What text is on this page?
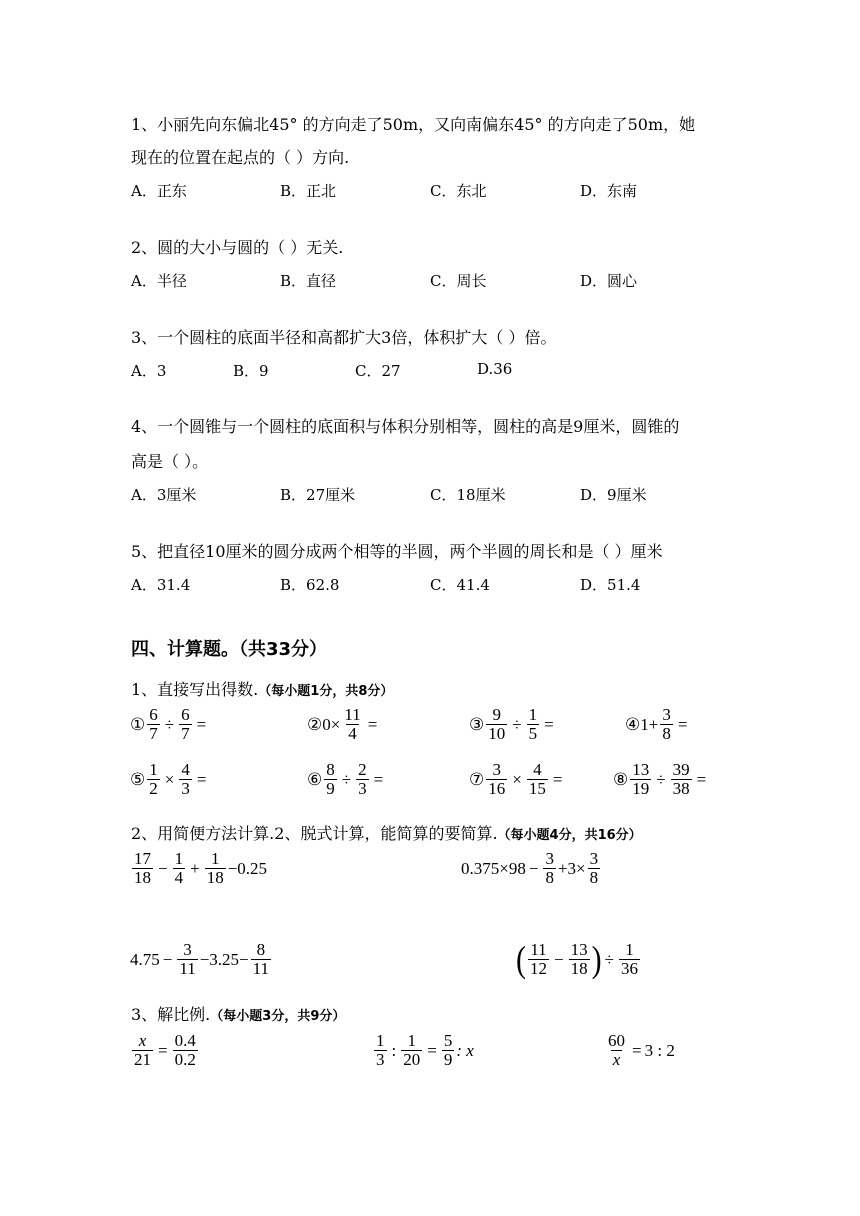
1、小丽先向东偏北45° 的方向走了50m，又向南偏东45° 的方向走了50m，她
现在的位置在起点的（ ）方向.
A．正东	B．正北	C．东北	D．东南
2、圆的大小与圆的（ ）无关.
A．半径	B．直径	C．周长	D．圆心
3、一个圆柱的底面半径和高都扩大3倍，体积扩大（ ）倍。
A．3	B．9	C．27	D.36
4、一个圆锥与一个圆柱的底面积与体积分别相等，圆柱的高是9厘米，圆锥的
高是（ ）。
A．3厘米	B．27厘米	C．18厘米	D．9厘米
5、把直径10厘米的圆分成两个相等的半圆，两个半圆的周长和是（ ）厘米
A．31.4	B．62.8	C．41.4	D．51.4
四、计算题。（共33分）
1、直接写出得数.（每小题1分，共8分）
① $\frac{6}{7} \div \frac{6}{7}$ =	② $0\times \frac{11}{4}$ =	③ $\frac{9}{10} \div \frac{1}{5}$ =	④ $1+ \frac{3}{8}$ =
⑤ $\frac{1}{2} \times \frac{4}{3}$ =	⑥ $\frac{8}{9} \div \frac{2}{3}$ =	⑦ $\frac{3}{16} \times \frac{4}{15}$ =	⑧ $\frac{13}{19} \div \frac{39}{38}$ =
2、用简便方法计算.2、脱式计算，能简算的要简算.（每小题4分，共16分）
$\frac{17}{18} - \frac{1}{4} + \frac{1}{18} -0.25$	$0.375\times 98 - \frac{3}{8} +3\times \frac{3}{8}$
$4.75 - \frac{3}{11} -3.25- \frac{8}{11}$	( $\frac{11}{12} - \frac{13}{18}$ ) ÷ $\frac{1}{36}$
3、解比例.（每小题3分，共9分）
$\frac{x}{21} = \frac{0.4}{0.2}$	$\frac{1}{3}$ : $\frac{1}{20} = \frac{5}{9}$ : x	$\frac{60}{x} = 3$ : 2
